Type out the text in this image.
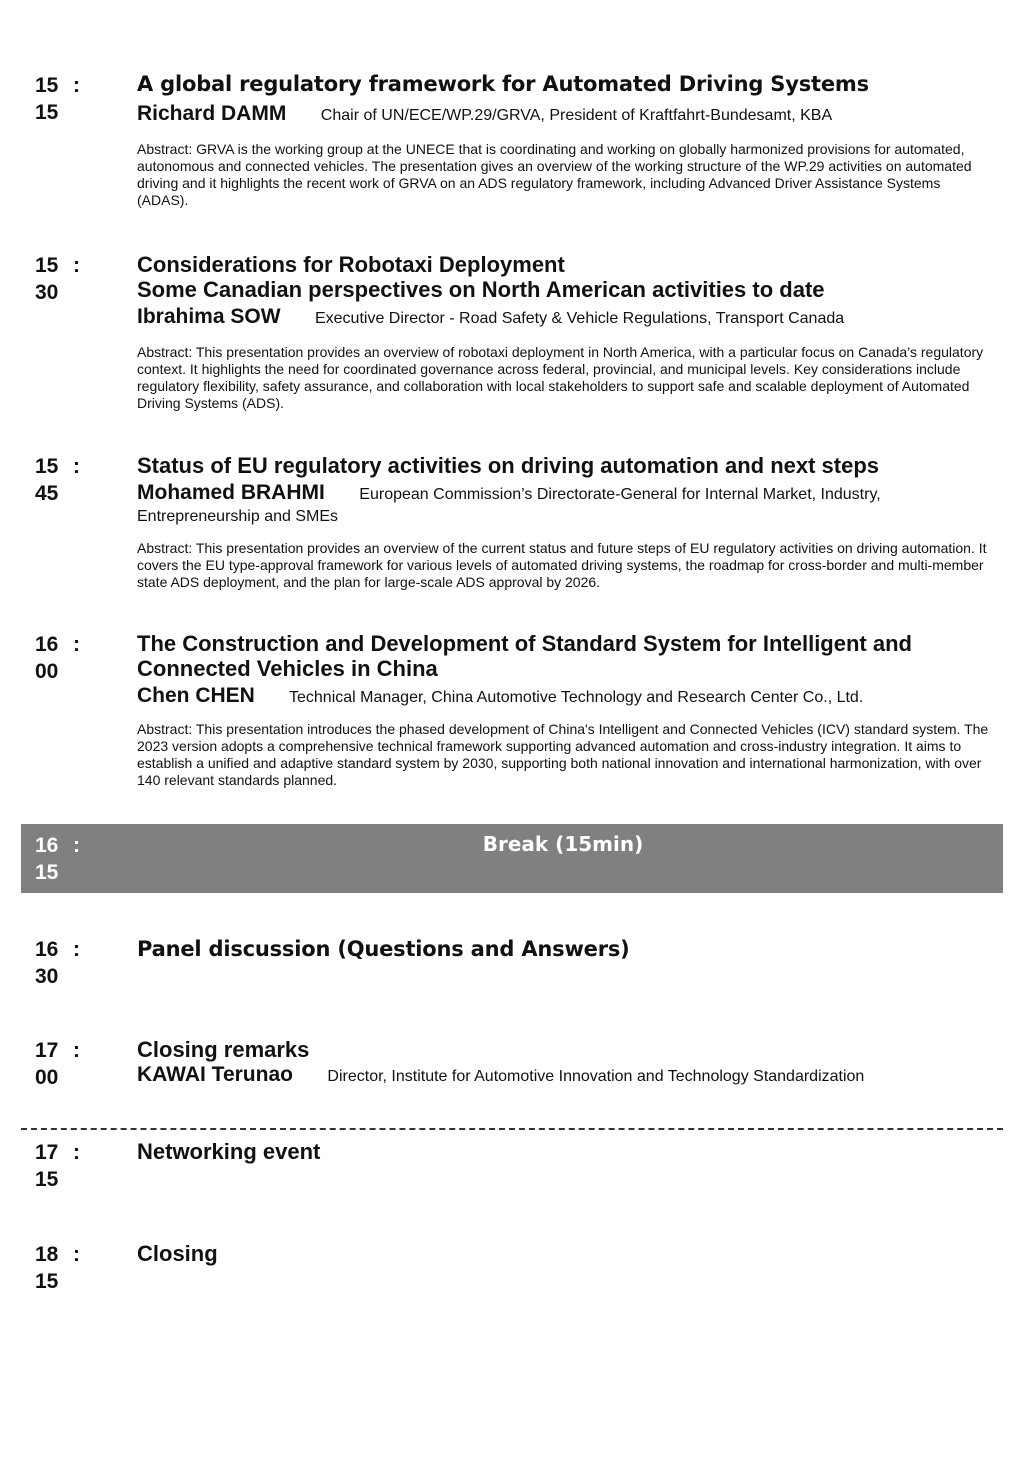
15 :
15
A global regulatory framework for Automated Driving Systems
Richard DAMM Chair of UN/ECE/WP.29/GRVA, President of Kraftfahrt-Bundesamt, KBA
Abstract: GRVA is the working group at the UNECE that is coordinating and working on globally harmonized provisions for automated, autonomous and connected vehicles. The presentation gives an overview of the working structure of the WP.29 activities on automated driving and it highlights the recent work of GRVA on an ADS regulatory framework, including Advanced Driver Assistance Systems (ADAS).
15 :
30
Considerations for Robotaxi Deployment
Some Canadian perspectives on North American activities to date
Ibrahima SOW Executive Director - Road Safety & Vehicle Regulations, Transport Canada
Abstract: This presentation provides an overview of robotaxi deployment in North America, with a particular focus on Canada’s regulatory context. It highlights the need for coordinated governance across federal, provincial, and municipal levels. Key considerations include regulatory flexibility, safety assurance, and collaboration with local stakeholders to support safe and scalable deployment of Automated Driving Systems (ADS).
15 :
45
Status of EU regulatory activities on driving automation and next steps
Mohamed BRAHMI European Commission’s Directorate-General for Internal Market, Industry, Entrepreneurship and SMEs
Abstract: This presentation provides an overview of the current status and future steps of EU regulatory activities on driving automation. It covers the EU type-approval framework for various levels of automated driving systems, the roadmap for cross-border and multi-member state ADS deployment, and the plan for large-scale ADS approval by 2026.
16 :
00
The Construction and Development of Standard System for Intelligent and
Connected Vehicles in China
Chen CHEN Technical Manager, China Automotive Technology and Research Center Co., Ltd.
Abstract: This presentation introduces the phased development of China's Intelligent and Connected Vehicles (ICV) standard system. The 2023 version adopts a comprehensive technical framework supporting advanced automation and cross-industry integration. It aims to establish a unified and adaptive standard system by 2030, supporting both national innovation and international harmonization, with over 140 relevant standards planned.
16 :
15
Break (15min)
16 :
30
Panel discussion (Questions and Answers)
17 :
00
Closing remarks
KAWAI Terunao Director, Institute for Automotive Innovation and Technology Standardization
17 :
15
Networking event
18 :
15
Closing
